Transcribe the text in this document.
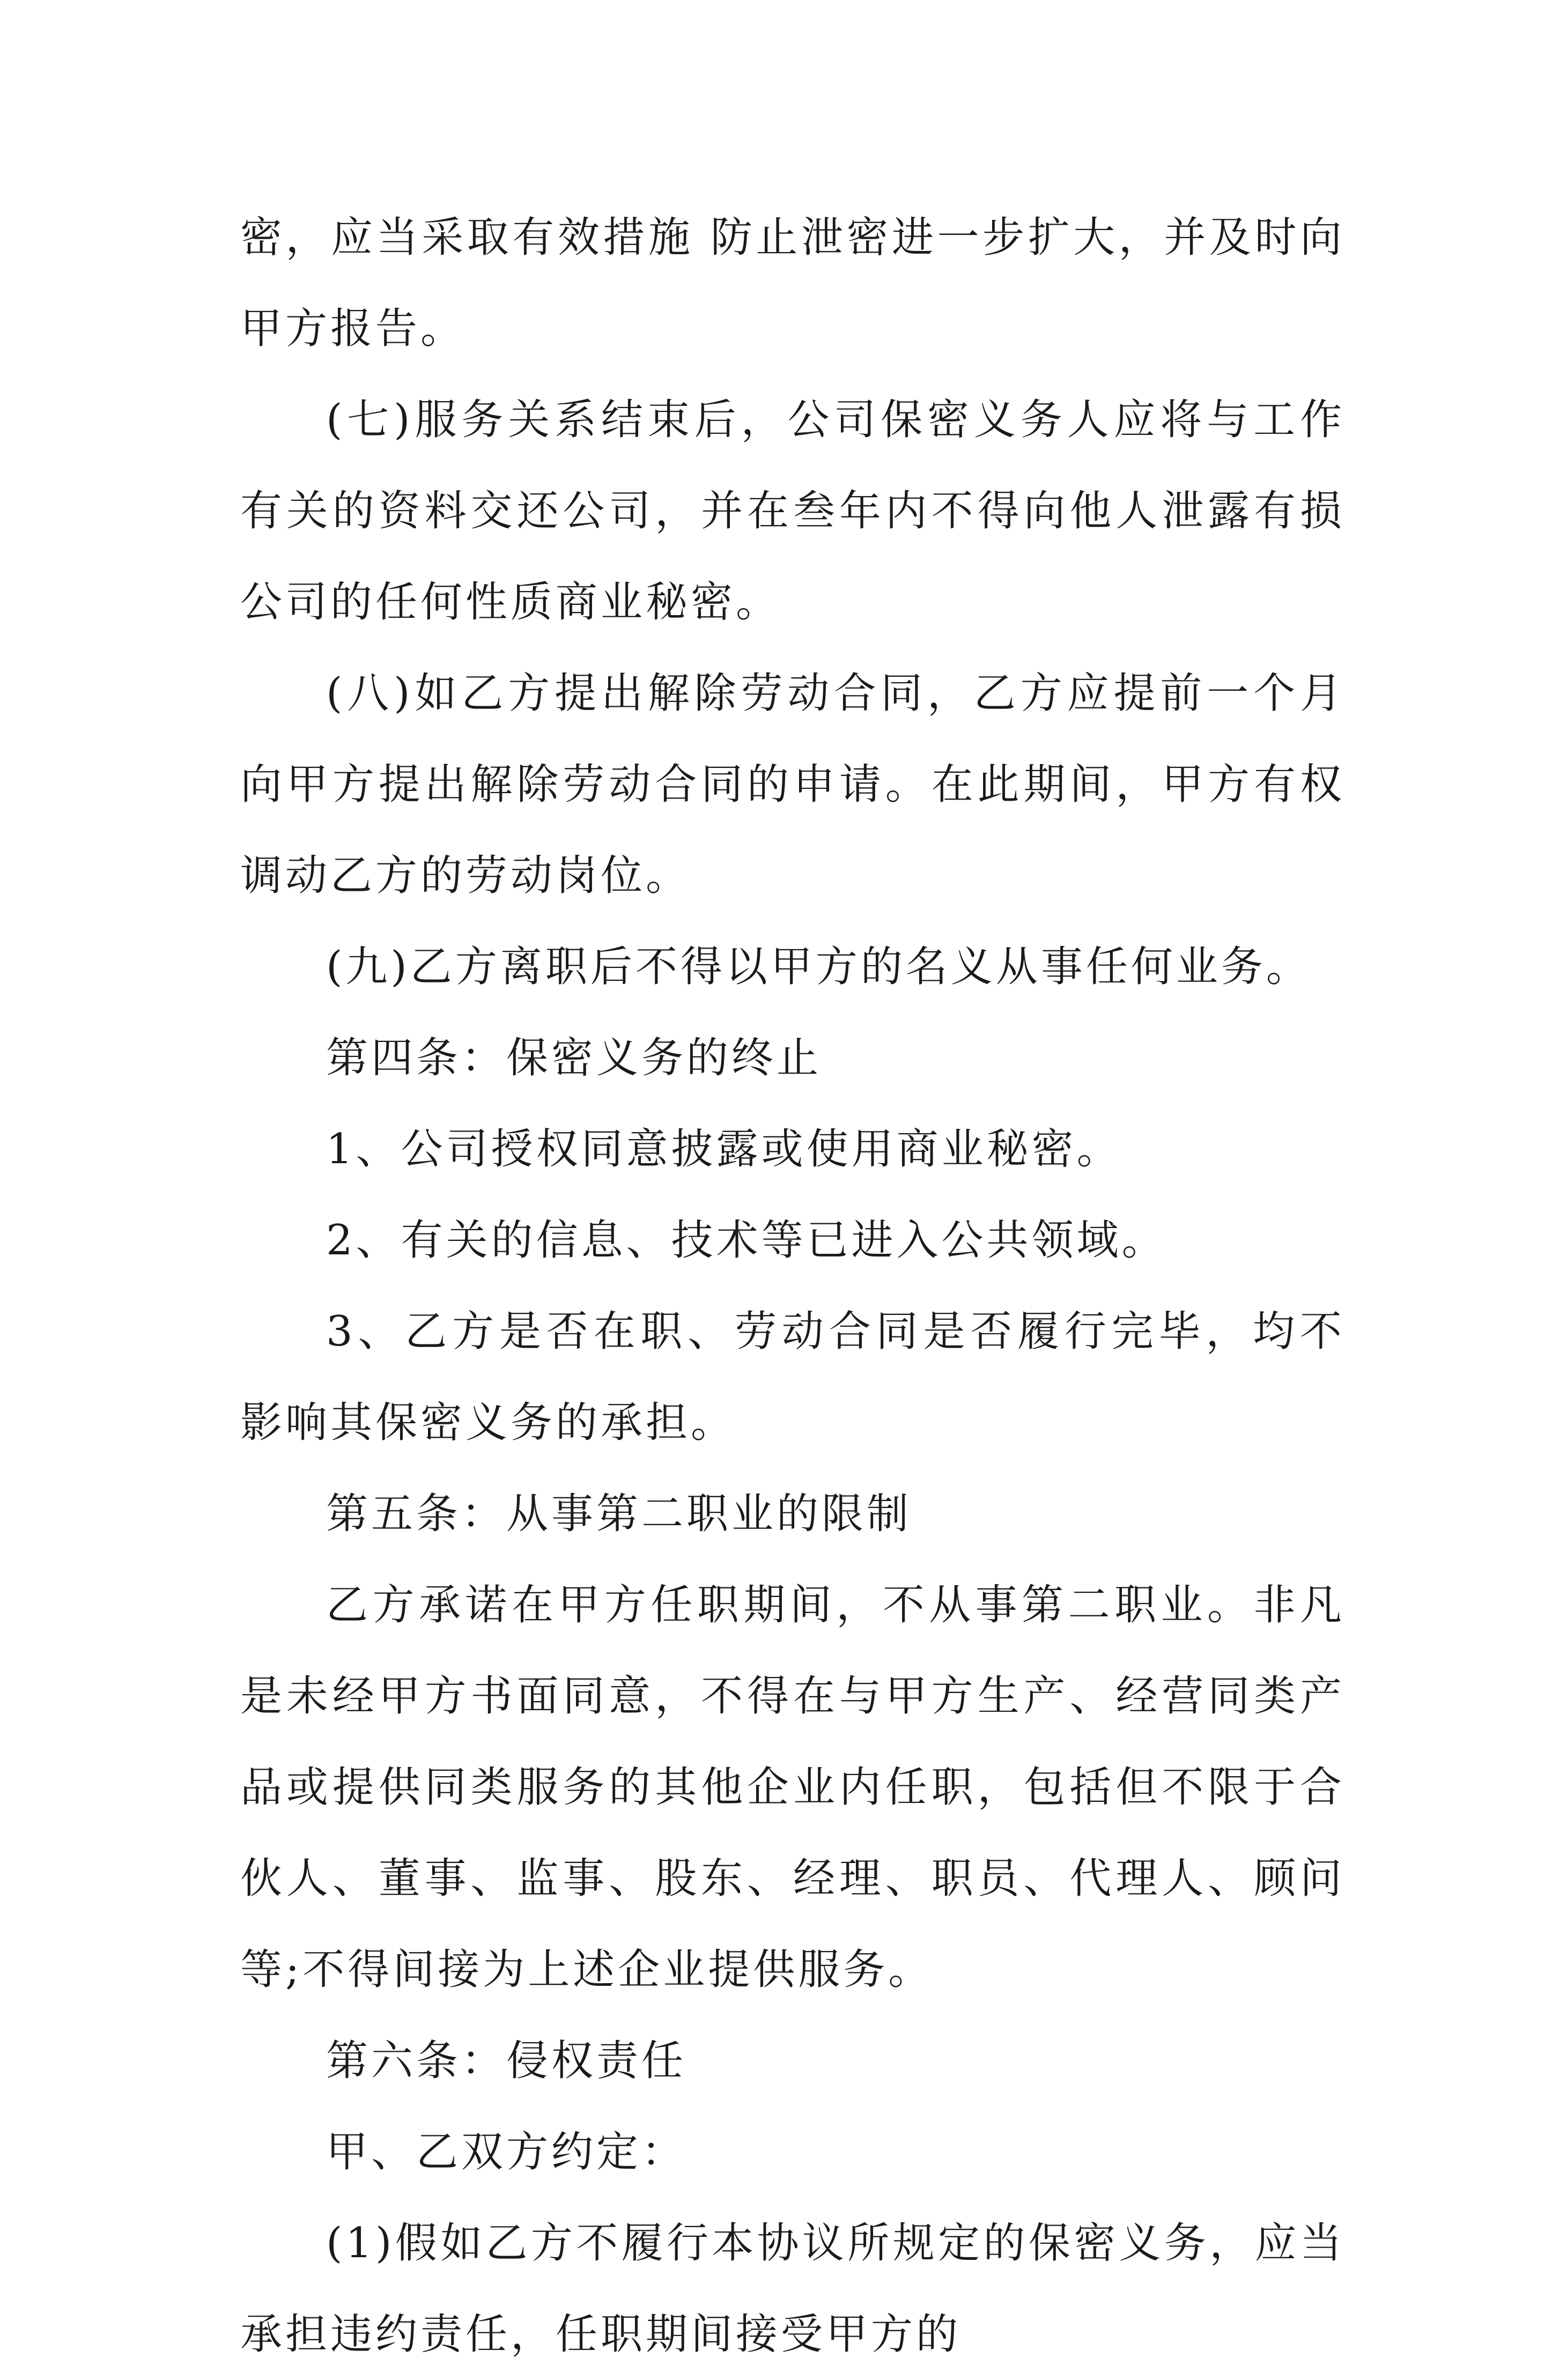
密，应当采取有效措施 防止泄密进一步扩大，并及时向甲方报告。

(七)服务关系结束后，公司保密义务人应将与工作有关的资料交还公司，并在叁年内不得向他人泄露有损公司的任何性质商业秘密。

(八)如乙方提出解除劳动合同，乙方应提前一个月向甲方提出解除劳动合同的申请。在此期间，甲方有权调动乙方的劳动岗位。

(九)乙方离职后不得以甲方的名义从事任何业务。

第四条：保密义务的终止

1、公司授权同意披露或使用商业秘密。

2、有关的信息、技术等已进入公共领域。

3、乙方是否在职、劳动合同是否履行完毕，均不影响其保密义务的承担。

第五条：从事第二职业的限制

乙方承诺在甲方任职期间，不从事第二职业。非凡是未经甲方书面同意，不得在与甲方生产、经营同类产品或提供同类服务的其他企业内任职，包括但不限于合伙人、董事、监事、股东、经理、职员、代理人、顾问等;不得间接为上述企业提供服务。

第六条：侵权责任

甲、乙双方约定：

(1)假如乙方不履行本协议所规定的保密义务，应当承担违约责任，任职期间接受甲方的
